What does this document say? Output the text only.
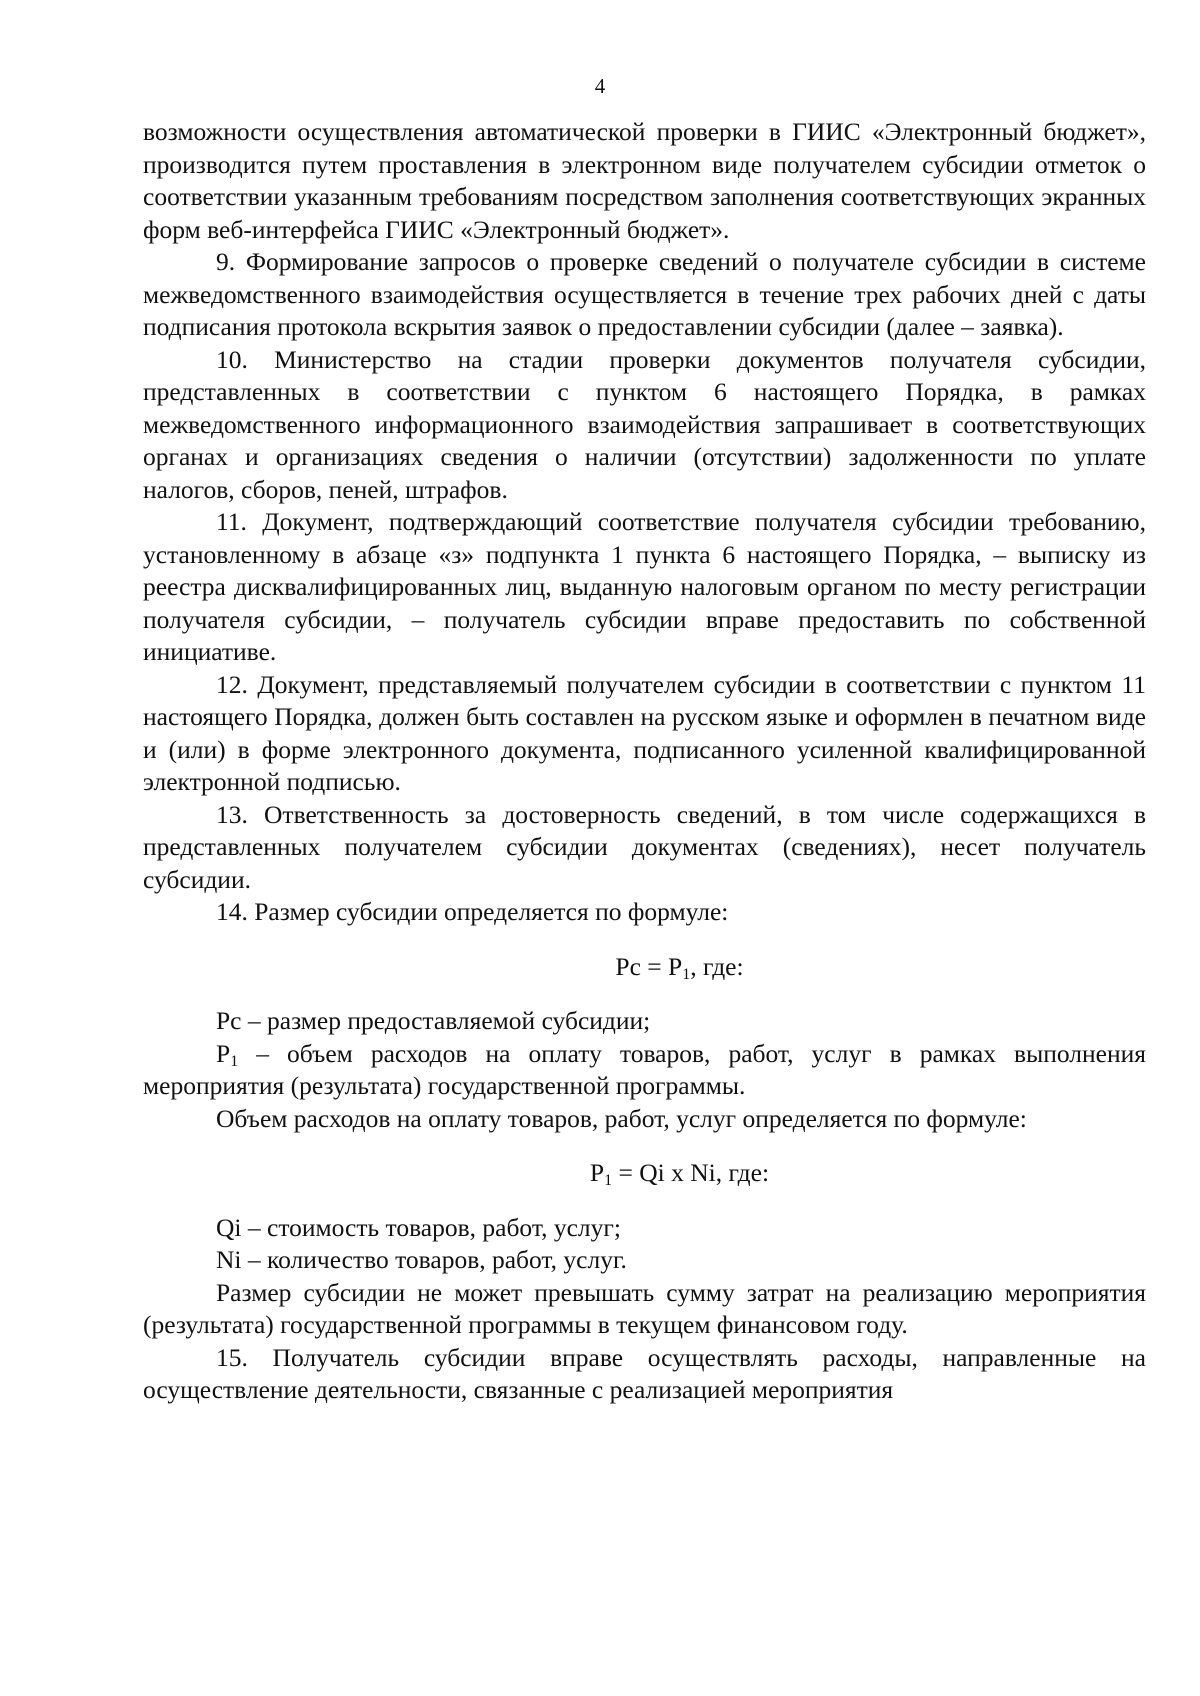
4

возможности осуществления автоматической проверки в ГИИС «Электронный бюджет», производится путем проставления в электронном виде получателем субсидии отметок о соответствии указанным требованиям посредством заполнения соответствующих экранных форм веб-интерфейса ГИИС «Электронный бюджет».

9. Формирование запросов о проверке сведений о получателе субсидии в системе межведомственного взаимодействия осуществляется в течение трех рабочих дней с даты подписания протокола вскрытия заявок о предоставлении субсидии (далее – заявка).

10. Министерство на стадии проверки документов получателя субсидии, представленных в соответствии с пунктом 6 настоящего Порядка, в рамках межведомственного информационного взаимодействия запрашивает в соответствующих органах и организациях сведения о наличии (отсутствии) задолженности по уплате налогов, сборов, пеней, штрафов.

11. Документ, подтверждающий соответствие получателя субсидии требованию, установленному в абзаце «з» подпункта 1 пункта 6 настоящего Порядка, – выписку из реестра дисквалифицированных лиц, выданную налоговым органом по месту регистрации получателя субсидии, – получатель субсидии вправе предоставить по собственной инициативе.

12. Документ, представляемый получателем субсидии в соответствии с пунктом 11 настоящего Порядка, должен быть составлен на русском языке и оформлен в печатном виде и (или) в форме электронного документа, подписанного усиленной квалифицированной электронной подписью.

13. Ответственность за достоверность сведений, в том числе содержащихся в представленных получателем субсидии документах (сведениях), несет получатель субсидии.

14. Размер субсидии определяется по формуле:

$Pc = P_1$, где:

Pc – размер предоставляемой субсидии;

$P_1$ – объем расходов на оплату товаров, работ, услуг в рамках выполнения мероприятия (результата) государственной программы.

Объем расходов на оплату товаров, работ, услуг определяется по формуле:

$P_1 = Qi$ x Ni, где:

Qi – стоимость товаров, работ, услуг;

Ni – количество товаров, работ, услуг.

Размер субсидии не может превышать сумму затрат на реализацию мероприятия (результата) государственной программы в текущем финансовом году.

15. Получатель субсидии вправе осуществлять расходы, направленные на осуществление деятельности, связанные с реализацией мероприятия
